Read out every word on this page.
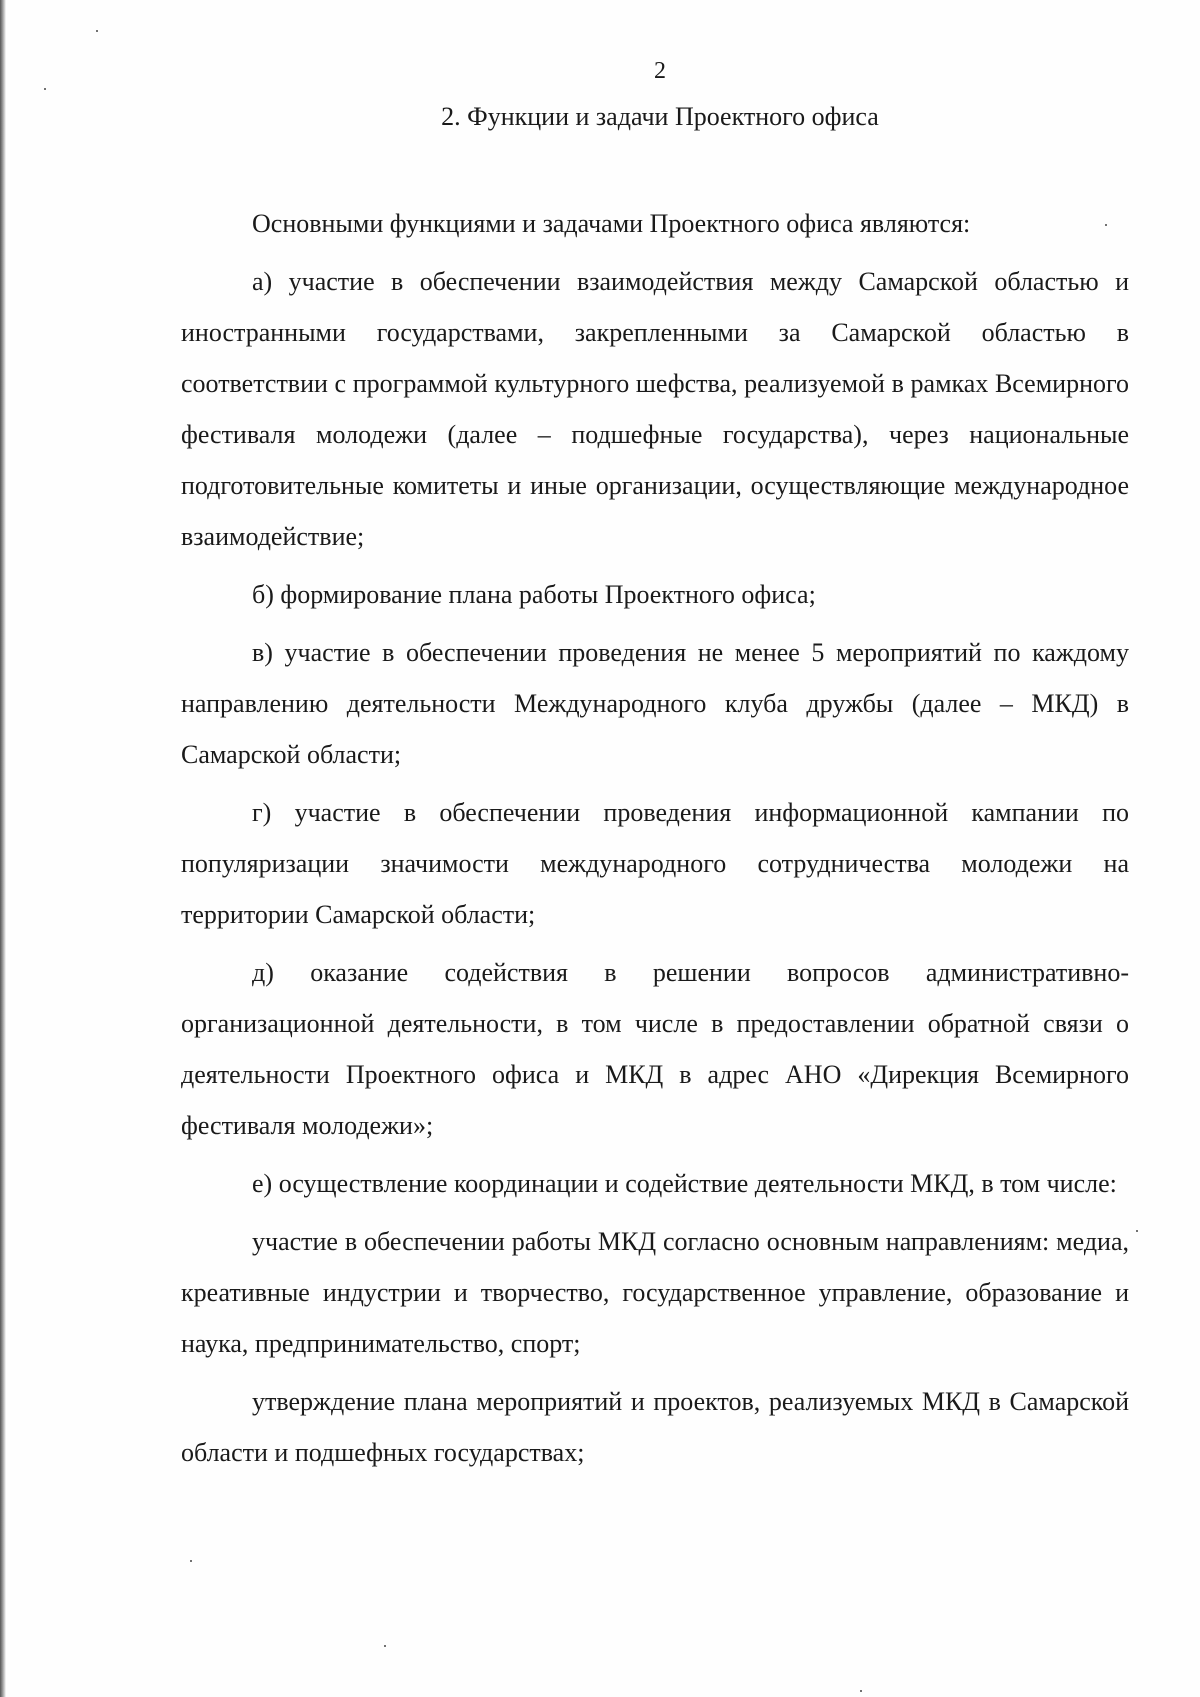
2
2. Функции и задачи Проектного офиса

Основными функциями и задачами Проектного офиса являются:

а) участие в обеспечении взаимодействия между Самарской областью и иностранными государствами, закрепленными за Самарской областью в соответствии с программой культурного шефства, реализуемой в рамках Всемирного фестиваля молодежи (далее – подшефные государства), через национальные подготовительные комитеты и иные организации, осуществляющие международное взаимодействие;

б) формирование плана работы Проектного офиса;

в) участие в обеспечении проведения не менее 5 мероприятий по каждому направлению деятельности Международного клуба дружбы (далее – МКД) в Самарской области;

г) участие в обеспечении проведения информационной кампании по популяризации значимости международного сотрудничества молодежи на территории Самарской области;

д) оказание содействия в решении вопросов административно-организационной деятельности, в том числе в предоставлении обратной связи о деятельности Проектного офиса и МКД в адрес АНО «Дирекция Всемирного фестиваля молодежи»;

е) осуществление координации и содействие деятельности МКД, в том числе:

участие в обеспечении работы МКД согласно основным направлениям: медиа, креативные индустрии и творчество, государственное управление, образование и наука, предпринимательство, спорт;

утверждение плана мероприятий и проектов, реализуемых МКД в Самарской области и подшефных государствах;
